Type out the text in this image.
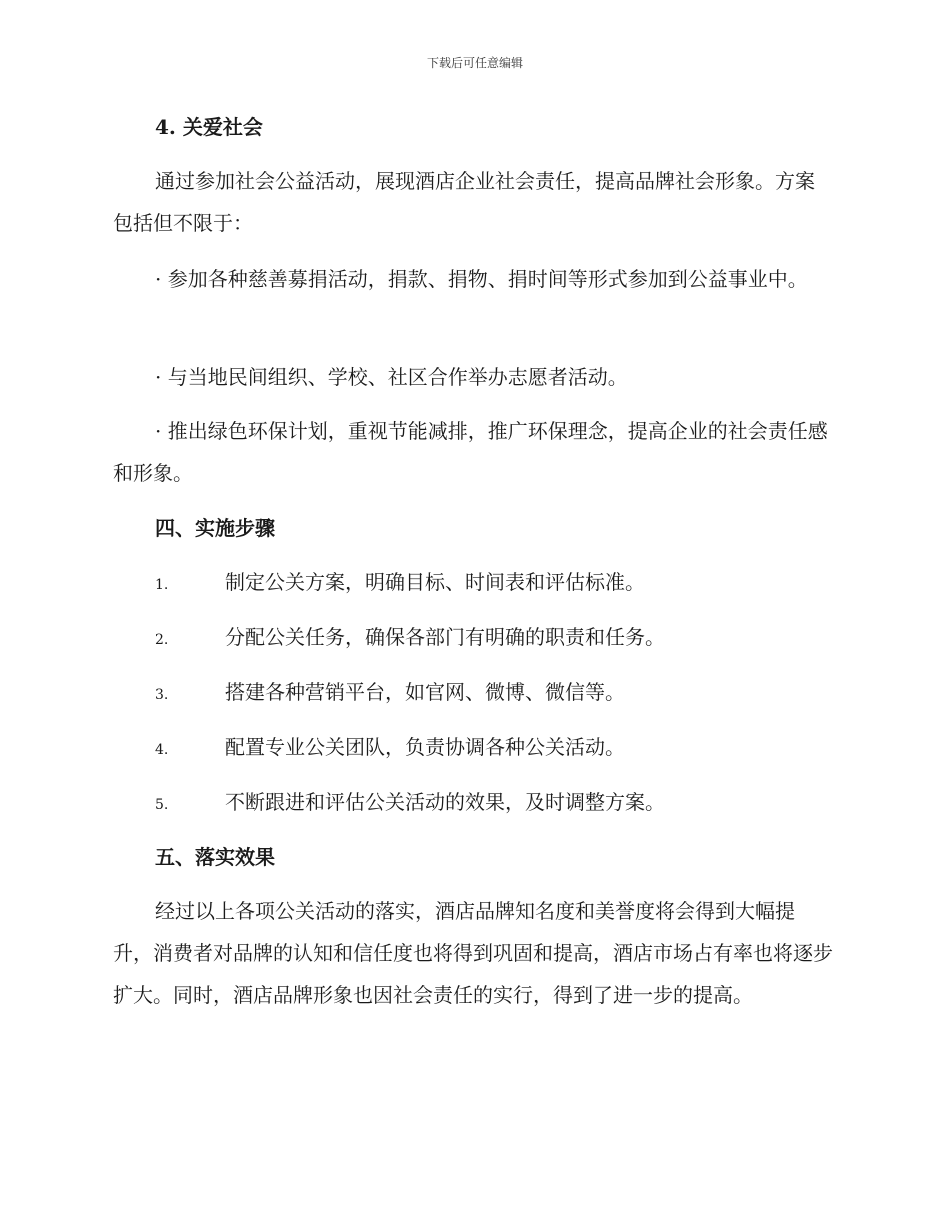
下载后可任意编辑
4. 关爱社会
通过参加社会公益活动，展现酒店企业社会责任，提高品牌社会形象。方案包括但不限于：
· 参加各种慈善募捐活动，捐款、捐物、捐时间等形式参加到公益事业中。
· 与当地民间组织、学校、社区合作举办志愿者活动。
· 推出绿色环保计划，重视节能减排，推广环保理念，提高企业的社会责任感和形象。
四、实施步骤
1.	制定公关方案，明确目标、时间表和评估标准。
2.	分配公关任务，确保各部门有明确的职责和任务。
3.	搭建各种营销平台，如官网、微博、微信等。
4.	配置专业公关团队，负责协调各种公关活动。
5.	不断跟进和评估公关活动的效果，及时调整方案。
五、落实效果
经过以上各项公关活动的落实，酒店品牌知名度和美誉度将会得到大幅提升，消费者对品牌的认知和信任度也将得到巩固和提高，酒店市场占有率也将逐步扩大。同时，酒店品牌形象也因社会责任的实行，得到了进一步的提高。
